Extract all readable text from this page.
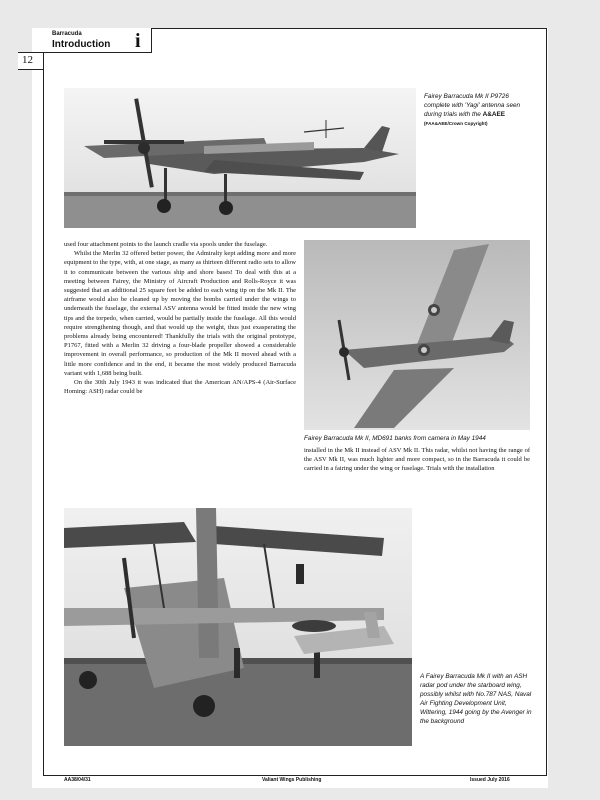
Barracuda
Introduction i
12
Fairey Barracuda Mk II P9726 complete with 'Yagi' antenna seen during trials with the A&AEE (FAA&AEE/Crown Copyright)

used four attachment points to the launch cradle via spools under the fuselage.

Whilst the Merlin 32 offered better power, the Admiralty kept adding more and more equipment to the type, with, at one stage, as many as thirteen different radio sets to allow it to communicate between the various ship and shore bases! To deal with this at a meeting between Fairey, the Ministry of Aircraft Production and Rolls-Royce it was suggested that an additional 25 square feet be added to each wing tip on the Mk II. The airframe would also be cleaned up by moving the bombs carried under the wings to underneath the fuselage, the external ASV antenna would be fitted inside the new wing tips and the torpedo, when carried, would be partially inside the fuselage. All this would require strengthening though, and that would up the weight, thus just exasperating the problems already being encountered! Thankfully the trials with the original prototype, P1767, fitted with a Merlin 32 driving a four-blade propeller showed a considerable improvement in overall performance, so production of the Mk II moved ahead with a little more confidence and in the end, it became the most widely produced Barracuda variant with 1,688 being built.

On the 30th July 1943 it was indicated that the American AN/APS-4 (Air-Surface Homing: ASH) radar could be

Fairey Barracuda Mk II, MD691 banks from camera in May 1944

installed in the Mk II instead of ASV Mk II. This radar, whilst not having the range of the ASV Mk II, was much lighter and more compact, so in the Barracuda it could be carried in a fairing under the wing or fuselage. Trials with the installation

A Fairey Barracuda Mk II with an ASH radar pod under the starboard wing, possibly whilst with No.787 NAS, Naval Air Fighting Development Unit, Wittering, 1944 going by the Avenger in the background
AA38/04/31	Valiant Wings Publishing	Issued July 2016
